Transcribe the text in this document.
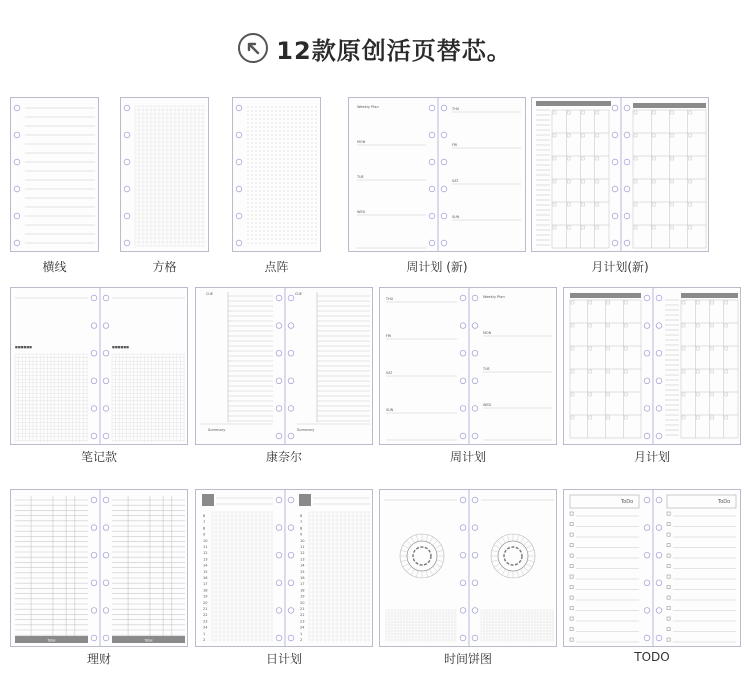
12款原创活页替芯。
横线	方格	点阵
Weekly Plan
MON
TUE
WED
THU
FRI
SAT
SUN
周计划 (新)	月计划(新)
■■■■■■	■■■■■■
笔记款
CUE	CUE
Summary	Summary
康奈尔
THU
FRI
SAT
SUN
Weekly Plan
MON
TUE
WED
周计划	月计划
Total	Total
理财
6
7
8
9
10
11
12
13
14
15
16
17
18
19
20
21
22
23
24
1
2
6
7
8
9
10
11
12
13
14
15
16
17
18
19
20
21
22
23
24
1
2
日计划	时间饼图
ToDo	ToDo
TODO
